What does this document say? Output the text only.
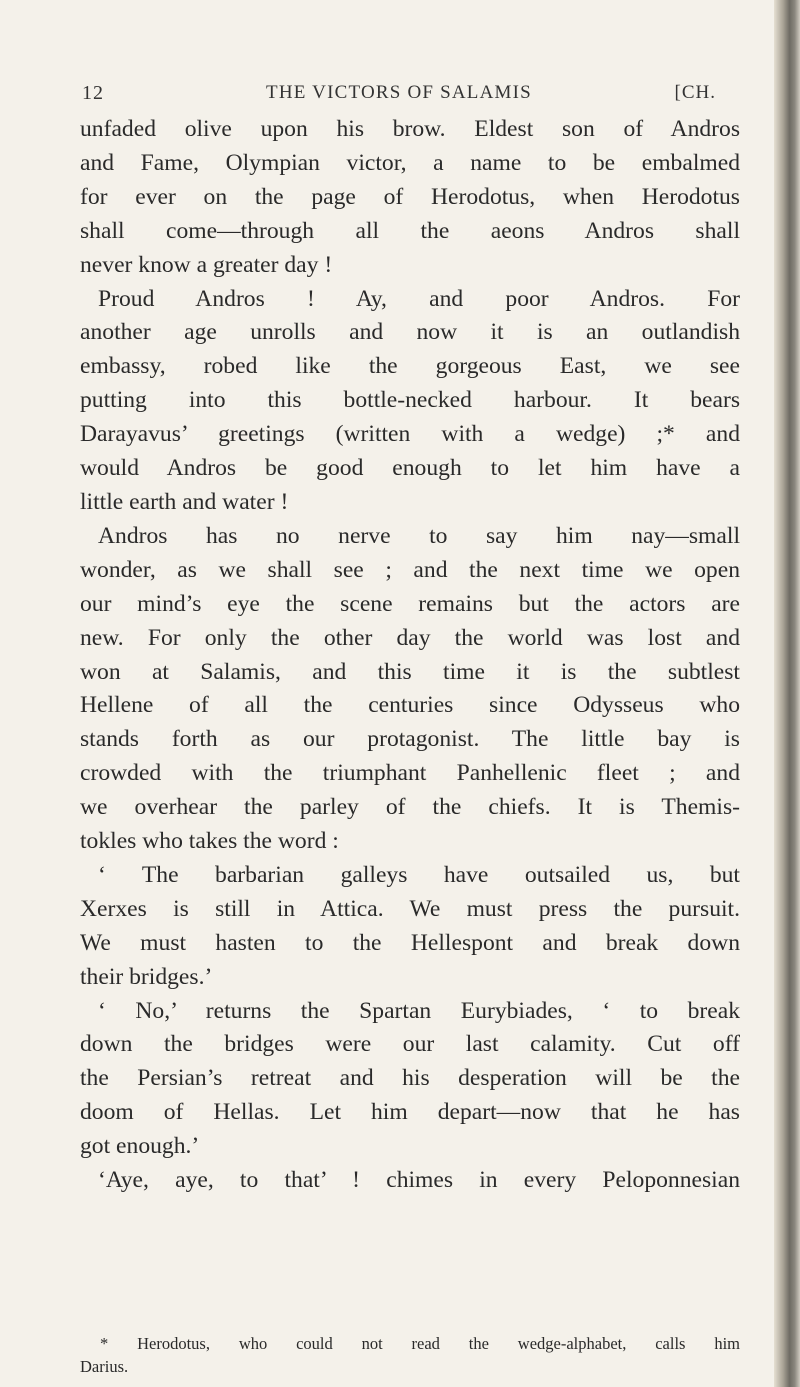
12	THE VICTORS OF SALAMIS	[CH.
unfaded olive upon his brow. Eldest son of Andros
and Fame, Olympian victor, a name to be embalmed
for ever on the page of Herodotus, when Herodotus
shall come—through all the aeons Andros shall
never know a greater day !
Proud Andros ! Ay, and poor Andros. For
another age unrolls and now it is an outlandish
embassy, robed like the gorgeous East, we see
putting into this bottle-necked harbour. It bears
Darayavus’ greetings (written with a wedge) ;* and
would Andros be good enough to let him have a
little earth and water !
Andros has no nerve to say him nay—small
wonder, as we shall see ; and the next time we open
our mind’s eye the scene remains but the actors are
new. For only the other day the world was lost and
won at Salamis, and this time it is the subtlest
Hellene of all the centuries since Odysseus who
stands forth as our protagonist. The little bay is
crowded with the triumphant Panhellenic fleet ; and
we overhear the parley of the chiefs. It is Themis-
tokles who takes the word :
‘ The barbarian galleys have outsailed us, but
Xerxes is still in Attica. We must press the pursuit.
We must hasten to the Hellespont and break down
their bridges.’
‘ No,’ returns the Spartan Eurybiades, ‘ to break
down the bridges were our last calamity. Cut off
the Persian’s retreat and his desperation will be the
doom of Hellas. Let him depart—now that he has
got enough.’
‘Aye, aye, to that’ ! chimes in every Peloponnesian
* Herodotus, who could not read the wedge-alphabet, calls him
Darius.
